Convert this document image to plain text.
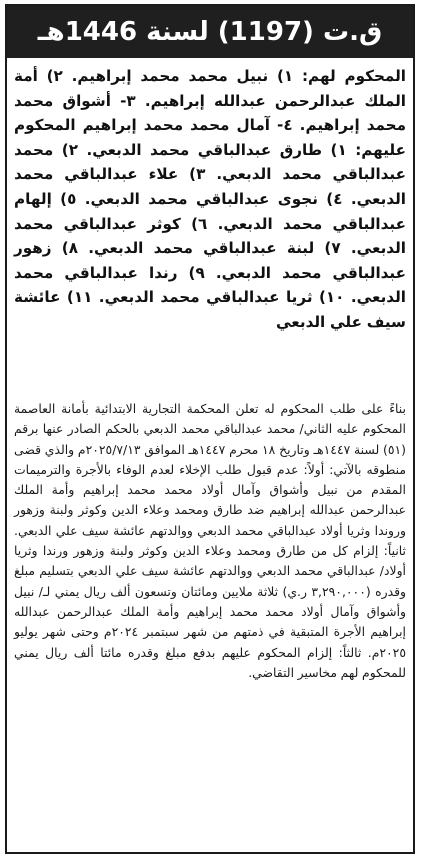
ق.ت (1197) لسنة 1446هـ
المحكوم لهم: ١) نبيل محمد محمد إبراهيم. ٢) أمة الملك عبدالرحمن عبدالله إبراهيم. ٣- أشواق محمد محمد إبراهيم. ٤- آمال محمد محمد إبراهيم المحكوم عليهم: ١) طارق عبدالباقي محمد الدبعي. ٢) محمد عبدالباقي محمد الدبعي. ٣) علاء عبدالباقي محمد الدبعي. ٤) نجوى عبدالباقي محمد الدبعي. ٥) إلهام عبدالباقي محمد الدبعي. ٦) كوثر عبدالباقي محمد الدبعي. ٧) لبنة عبدالباقي محمد الدبعي. ٨) زهور عبدالباقي محمد الدبعي. ٩) رندا عبدالباقي محمد الدبعي. ١٠) ثريا عبدالباقي محمد الدبعي. ١١) عائشة سيف علي الدبعي
بناءً على طلب المحكوم له تعلن المحكمة التجارية الابتدائية بأمانة العاصمة المحكوم عليه الثاني/ محمد عبدالباقي محمد الدبعي بالحكم الصادر عنها برقم (٥١) لسنة ١٤٤٧هـ وتاريخ ١٨ محرم ١٤٤٧هـ الموافق ٢٠٢٥/٧/١٣م والذي قضى منطوقه بالآتي: أولاً: عدم قبول طلب الإخلاء لعدم الوفاء بالأجرة والترميمات المقدم من نبيل وأشواق وآمال أولاد محمد محمد إبراهيم وأمة الملك عبدالرحمن عبدالله إبراهيم ضد طارق ومحمد وعلاء الدين وكوثر ولبنة وزهور وروندا وثريا أولاد عبدالباقي محمد الدبعي ووالدتهم عائشة سيف علي الدبعي. ثانياً: إلزام كل من طارق ومحمد وعلاء الدين وكوثر ولبنة وزهور ورندا وثريا أولاد/ عبدالباقي محمد الدبعي ووالدتهم عائشة سيف علي الدبعي بتسليم مبلغ وقدره (٣,٢٩٠,٠٠٠ ر.ي) ثلاثة ملايين ومائتان وتسعون ألف ريال يمني لـ/ نبيل وأشواق وآمال أولاد محمد محمد إبراهيم وأمة الملك عبدالرحمن عبدالله إبراهيم الأجرة المتبقية في ذمتهم من شهر سبتمبر ٢٠٢٤م وحتى شهر يوليو ٢٠٢٥م. ثالثاً: إلزام المحكوم عليهم بدفع مبلغ وقدره مائتا ألف ريال يمني للمحكوم لهم مخاسير التقاضي.
